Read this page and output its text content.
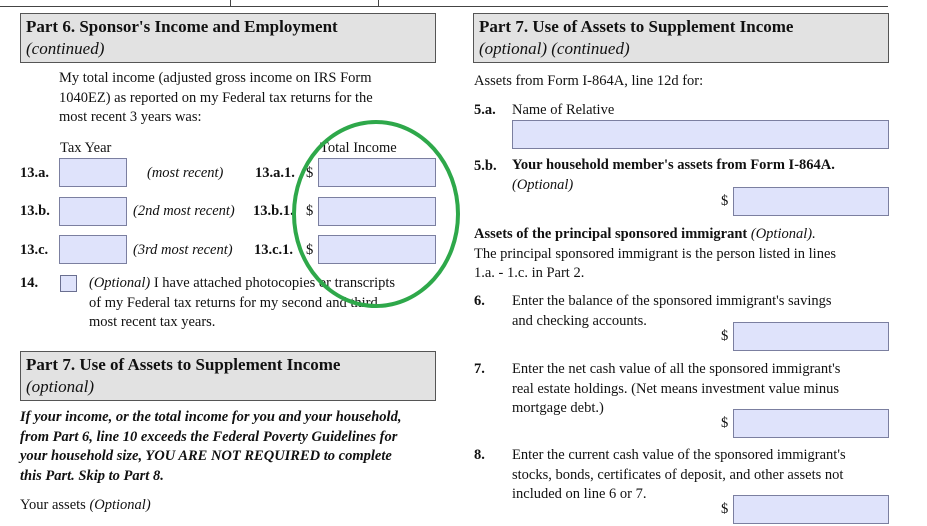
Part 6. Sponsor's Income and Employment
(continued)
My total income (adjusted gross income on IRS Form
1040EZ) as reported on my Federal tax returns for the
most recent 3 years was:
Tax Year	Total Income
13.a.	(most recent) 13.a.1. $
13.b.	(2nd most recent) 13.b.1. $
13.c.	(3rd most recent) 13.c.1. $
14.	(Optional) I have attached photocopies or transcripts
of my Federal tax returns for my second and third
most recent tax years.
Part 7. Use of Assets to Supplement Income
(optional)
If your income, or the total income for you and your household,
from Part 6, line 10 exceeds the Federal Poverty Guidelines for
your household size, YOU ARE NOT REQUIRED to complete
this Part. Skip to Part 8.
Your assets (Optional)
Part 7. Use of Assets to Supplement Income
(optional) (continued)
Assets from Form I-864A, line 12d for:
5.a. Name of Relative
5.b. Your household member's assets from Form I-864A.
(Optional)
$
Assets of the principal sponsored immigrant (Optional).
The principal sponsored immigrant is the person listed in lines
1.a. - 1.c. in Part 2.
6. Enter the balance of the sponsored immigrant's savings
and checking accounts.
$
7. Enter the net cash value of all the sponsored immigrant's
real estate holdings. (Net means investment value minus
mortgage debt.)
$
8. Enter the current cash value of the sponsored immigrant's
stocks, bonds, certificates of deposit, and other assets not
included on line 6 or 7.
$
